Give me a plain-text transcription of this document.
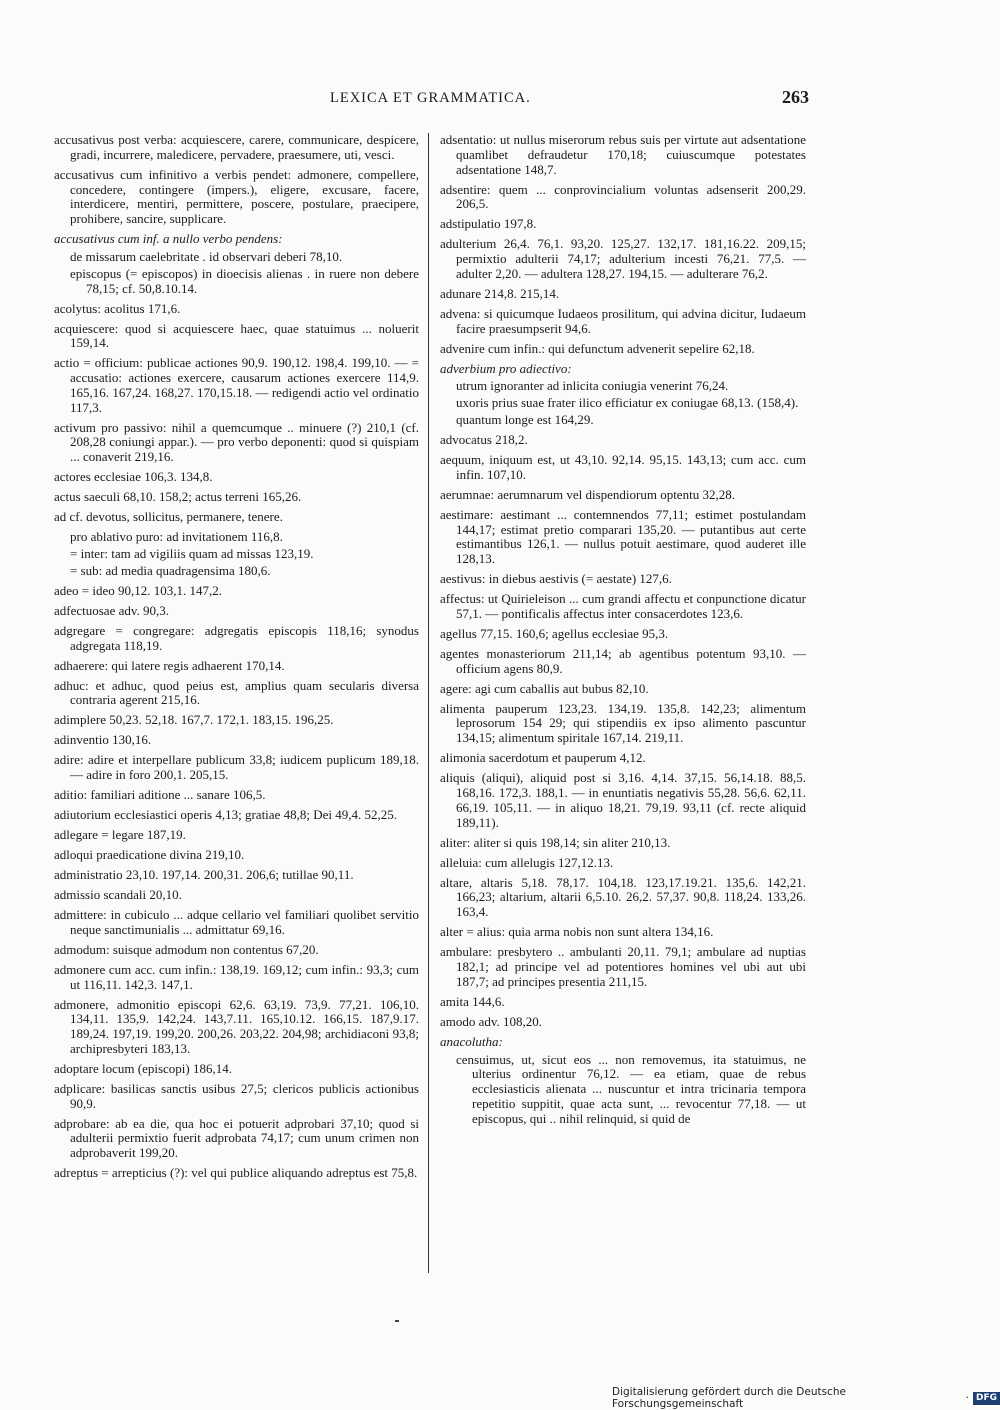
LEXICA ET GRAMMATICA.	263

accusativus post verba: acquiescere, carere, communicare, despicere, gradi, incurrere, maledicere, pervadere, praesumere, uti, vesci.

accusativus cum infinitivo a verbis pendet: admonere, compellere, concedere, contingere (impers.), eligere, excusare, facere, interdicere, mentiri, permittere, poscere, postulare, praecipere, prohibere, sancire, supplicare.

accusativus cum inf. a nullo verbo pendens:

de missarum caelebritate . id observari deberi 78,10.

episcopus (= episcopos) in dioecisis alienas . in ruere non debere 78,15; cf. 50,8.10.14.

acolytus: acolitus 171,6.

acquiescere: quod si acquiescere haec, quae statuimus ... noluerit 159,14.

actio = officium: publicae actiones 90,9. 190,12. 198,4. 199,10. — = accusatio: actiones exercere, causarum actiones exercere 114,9. 165,16. 167,24. 168,27. 170,15.18. — redigendi actio vel ordinatio 117,3.

activum pro passivo: nihil a quemcumque .. minuere (?) 210,1 (cf. 208,28 coniungi appar.). — pro verbo deponenti: quod si quispiam ... conaverit 219,16.

actores ecclesiae 106,3. 134,8.

actus saeculi 68,10. 158,2; actus terreni 165,26.

ad cf. devotus, sollicitus, permanere, tenere.

pro ablativo puro: ad invitationem 116,8.

= inter: tam ad vigiliis quam ad missas 123,19.

= sub: ad media quadragensima 180,6.

adeo = ideo 90,12. 103,1. 147,2.

adfectuosae adv. 90,3.

adgregare = congregare: adgregatis episcopis 118,16; synodus adgregata 118,19.

adhaerere: qui latere regis adhaerent 170,14.

adhuc: et adhuc, quod peius est, amplius quam secularis diversa contraria agerent 215,16.

adimplere 50,23. 52,18. 167,7. 172,1. 183,15. 196,25.

adinventio 130,16.

adire: adire et interpellare publicum 33,8; iudicem puplicum 189,18. — adire in foro 200,1. 205,15.

aditio: familiari aditione ... sanare 106,5.

adiutorium ecclesiastici operis 4,13; gratiae 48,8; Dei 49,4. 52,25.

adlegare = legare 187,19.

adloqui praedicatione divina 219,10.

administratio 23,10. 197,14. 200,31. 206,6; tutillae 90,11.

admissio scandali 20,10.

admittere: in cubiculo ... adque cellario vel familiari quolibet servitio neque sanctimunialis ... admittatur 69,16.

admodum: suisque admodum non contentus 67,20.

admonere cum acc. cum infin.: 138,19. 169,12; cum infin.: 93,3; cum ut 116,11. 142,3. 147,1.

admonere, admonitio episcopi 62,6. 63,19. 73,9. 77,21. 106,10. 134,11. 135,9. 142,24. 143,7.11. 165,10.12. 166,15. 187,9.17. 189,24. 197,19. 199,20. 200,26. 203,22. 204,98; archidiaconi 93,8; archipresbyteri 183,13.

adoptare locum (episcopi) 186,14.

adplicare: basilicas sanctis usibus 27,5; clericos publicis actionibus 90,9.

adprobare: ab ea die, qua hoc ei potuerit adprobari 37,10; quod si adulterii permixtio fuerit adprobata 74,17; cum unum crimen non adprobaverit 199,20.

adreptus = arrepticius (?): vel qui publice aliquando adreptus est 75,8.

adsentatio: ut nullus miserorum rebus suis per virtute aut adsentatione quamlibet defraudetur 170,18; cuiuscumque potestates adsentatione 148,7.

adsentire: quem ... conprovincialium voluntas adsenserit 200,29. 206,5.

adstipulatio 197,8.

adulterium 26,4. 76,1. 93,20. 125,27. 132,17. 181,16.22. 209,15; permixtio adulterii 74,17; adulterium incesti 76,21. 77,5. — adulter 2,20. — adultera 128,27. 194,15. — adulterare 76,2.

adunare 214,8. 215,14.

advena: si quicumque Iudaeos prosilitum, qui advina dicitur, Iudaeum facire praesumpserit 94,6.

advenire cum infin.: qui defunctum advenerit sepelire 62,18.

adverbium pro adiectivo:

utrum ignoranter ad inlicita coniugia venerint 76,24.

uxoris prius suae frater ilico efficiatur ex coniugae 68,13. (158,4).

quantum longe est 164,29.

advocatus 218,2.

aequum, iniquum est, ut 43,10. 92,14. 95,15. 143,13; cum acc. cum infin. 107,10.

aerumnae: aerumnarum vel dispendiorum optentu 32,28.

aestimare: aestimant ... contemnendos 77,11; estimet postulandam 144,17; estimat pretio comparari 135,20. — putantibus aut certe estimantibus 126,1. — nullus potuit aestimare, quod auderet ille 128,13.

aestivus: in diebus aestivis (= aestate) 127,6.

affectus: ut Quirieleison ... cum grandi affectu et conpunctione dicatur 57,1. — pontificalis affectus inter consacerdotes 123,6.

agellus 77,15. 160,6; agellus ecclesiae 95,3.

agentes monasteriorum 211,14; ab agentibus potentum 93,10. — officium agens 80,9.

agere: agi cum caballis aut bubus 82,10.

alimenta pauperum 123,23. 134,19. 135,8. 142,23; alimentum leprosorum 154 29; qui stipendiis ex ipso alimento pascuntur 134,15; alimentum spiritale 167,14. 219,11.

alimonia sacerdotum et pauperum 4,12.

aliquis (aliqui), aliquid post si 3,16. 4,14. 37,15. 56,14.18. 88,5. 168,16. 172,3. 188,1. — in enuntiatis negativis 55,28. 56,6. 62,11. 66,19. 105,11. — in aliquo 18,21. 79,19. 93,11 (cf. recte aliquid 189,11).

aliter: aliter si quis 198,14; sin aliter 210,13.

alleluia: cum allelugis 127,12.13.

altare, altaris 5,18. 78,17. 104,18. 123,17.19.21. 135,6. 142,21. 166,23; altarium, altarii 6,5.10. 26,2. 57,37. 90,8. 118,24. 133,26. 163,4.

alter = alius: quia arma nobis non sunt altera 134,16.

ambulare: presbytero .. ambulanti 20,11. 79,1; ambulare ad nuptias 182,1; ad principe vel ad potentiores homines vel ubi aut ubi 187,7; ad principes presentia 211,15.

amita 144,6.

amodo adv. 108,20.

anacolutha:

censuimus, ut, sicut eos ... non removemus, ita statuimus, ne ulterius ordinentur 76,12. — ea etiam, quae de rebus ecclesiasticis alienata ... nuscuntur et intra tricinaria tempora repetitio suppitit, quae acta sunt, ... revocentur 77,18. — ut episcopus, qui .. nihil relinquid, si quid de

Digitalisierung gefördert durch die Deutsche Forschungsgemeinschaft	· DFG
